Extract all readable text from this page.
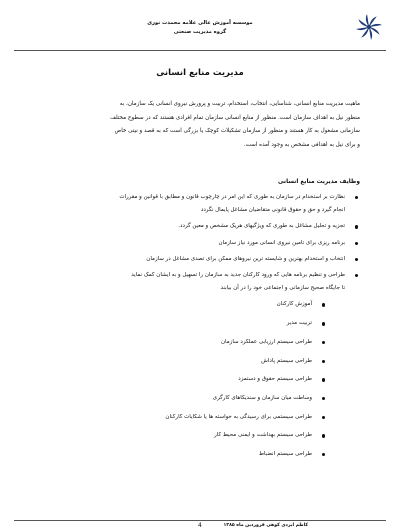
موسسه آموزش عالی علامه محمدث نوری
گروه مدیریت صنعتی
مدیریت منابع انسانی
ماهیت مدیریت منابع انسانی، شناسایی، انتخاب، استخدام، تربیت و پرورش نیروی انسانی یک سازمان، به
منظور نیل به اهداف سازمان است. منظور از منابع انسانی سازمان تمام افرادی هستند که در سطوح مختلف
سازمانی مشغول به کار هستند و منظور از سازمان تشکیلات کوچک یا بزرگی است که به قصد و نیتی خاص
و برای نیل به اهدافی مشخص به وجود آمده است.
وظایف مدیریت منابع انسانی
نظارت بر استخدام در سازمان به طوری که این امر در چارچوب قانون و مطابق با قوانین و مقررات
انجام گیرد و حق و حقوق قانونی متقاضیان مشاغل پایمال نگردد
تجزیه و تحلیل مشاغل به طوری که ویژگیهای هریک مشخص و معین گردد.
برنامه ریزی برای تامین نیروی انسانی مورد نیاز سازمان
انتخاب و استخدام بهترین و شایسته ترین نیروهای ممکن برای تصدی مشاغل در سازمان
طراحی و تنظیم برنامه هایی که ورود کارکنان جدید به سازمان را تسهیل و به ایشان کمک نماید
تا جایگاه صحیح سازمانی و اجتماعی خود را در آن بیابند
آموزش کارکنان
تربیت مدیر
طراحی سیستم ارزیابی عملکرد سازمان
طراحی سیستم پاداش
طراحی سیستم حقوق و دستمزد
وساطت میان سازمان و سندیکاهای کارگری
طراحی سیستمی برای رسیدگی به خواسته ها یا شکایات کارکنان
طراحی سیستم بهداشت و ایمنی محیط کار
طراحی سیستم انضباط
4	کاظم ایزدی کوهی فروردین ماه ۱۳۸۵
